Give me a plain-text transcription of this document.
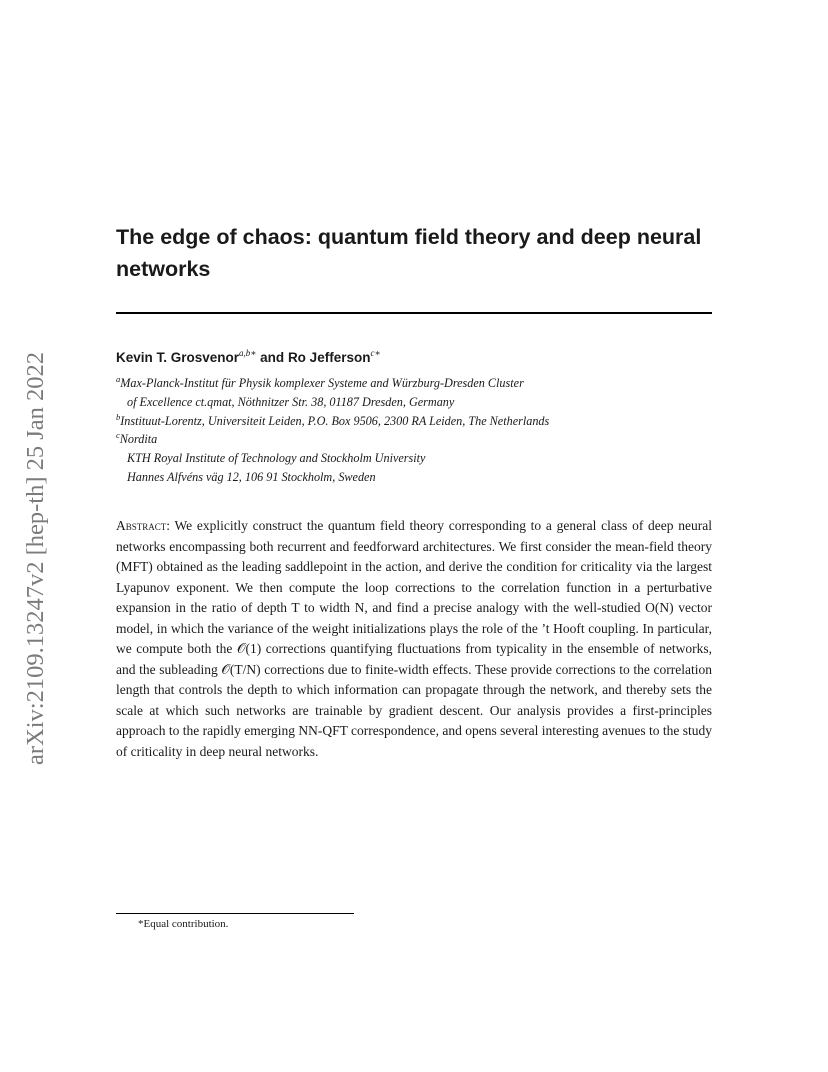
arXiv:2109.13247v2 [hep-th] 25 Jan 2022
The edge of chaos: quantum field theory and deep neural networks
Kevin T. Grosvenor$^{a,b∗}$ and Ro Jefferson$^{c∗}$
$^a$Max-Planck-Institut für Physik komplexer Systeme and Würzburg-Dresden Cluster
of Excellence ct.qmat, Nöthnitzer Str. 38, 01187 Dresden, Germany
$^b$Instituut-Lorentz, Universiteit Leiden, P.O. Box 9506, 2300 RA Leiden, The Netherlands
$^c$Nordita
KTH Royal Institute of Technology and Stockholm University
Hannes Alfvéns väg 12, 106 91 Stockholm, Sweden

Abstract: We explicitly construct the quantum field theory corresponding to a general class of deep neural networks encompassing both recurrent and feedforward architectures. We first consider the mean-field theory (MFT) obtained as the leading saddlepoint in the action, and derive the condition for criticality via the largest Lyapunov exponent. We then compute the loop corrections to the correlation function in a perturbative expansion in the ratio of depth T to width N, and find a precise analogy with the well-studied O(N) vector model, in which the variance of the weight initializations plays the role of the ’t Hooft coupling. In particular, we compute both the 𝒪(1) corrections quantifying fluctuations from typicality in the ensemble of networks, and the subleading 𝒪(T/N) corrections due to finite-width effects. These provide corrections to the correlation length that controls the depth to which information can propagate through the network, and thereby sets the scale at which such networks are trainable by gradient descent. Our analysis provides a first-principles approach to the rapidly emerging NN-QFT correspondence, and opens several interesting avenues to the study of criticality in deep neural networks.

*Equal contribution.
